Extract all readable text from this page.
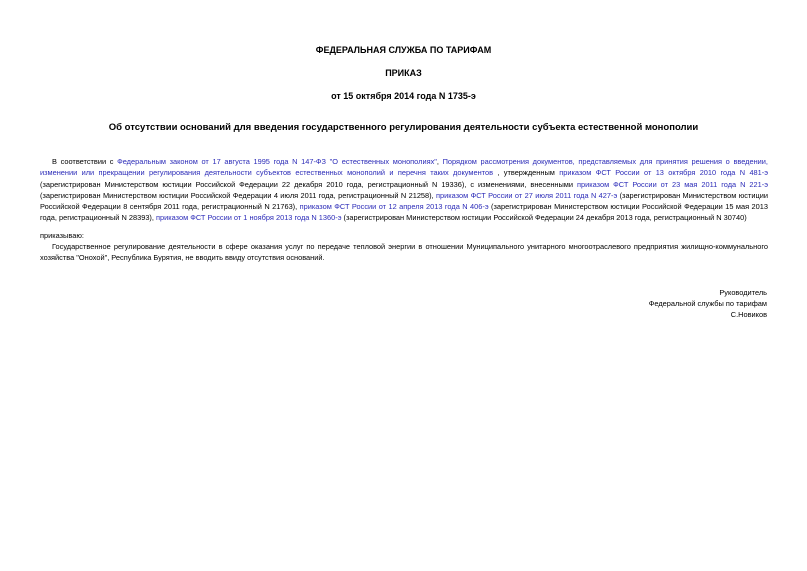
ФЕДЕРАЛЬНАЯ СЛУЖБА ПО ТАРИФАМ
ПРИКАЗ
от 15 октября 2014 года N 1735-э
Об отсутствии оснований для введения государственного регулирования деятельности субъекта естественной монополии

В соответствии с Федеральным законом от 17 августа 1995 года N 147-ФЗ "О естественных монополиях", Порядком рассмотрения документов, представляемых для принятия решения о введении, изменении или прекращении регулирования деятельности субъектов естественных монополий и перечня таких документов , утвержденным приказом ФСТ России от 13 октября 2010 года N 481-э (зарегистрирован Министерством юстиции Российской Федерации 22 декабря 2010 года, регистрационный N 19336), с изменениями, внесенными приказом ФСТ России от 23 мая 2011 года N 221-э (зарегистрирован Министерством юстиции Российской Федерации 4 июля 2011 года, регистрационный N 21258), приказом ФСТ России от 27 июля 2011 года N 427-э (зарегистрирован Министерством юстиции Российской Федерации 8 сентября 2011 года, регистрационный N 21763), приказом ФСТ России от 12 апреля 2013 года N 406-э (зарегистрирован Министерством юстиции Российской Федерации 15 мая 2013 года, регистрационный N 28393), приказом ФСТ России от 1 ноября 2013 года N 1360-э (зарегистрирован Министерством юстиции Российской Федерации 24 декабря 2013 года, регистрационный N 30740)

приказываю:

Государственное регулирование деятельности в сфере оказания услуг по передаче тепловой энергии в отношении Муниципального унитарного многоотраслевого предприятия жилищно-коммунального хозяйства "Онохой", Республика Бурятия, не вводить ввиду отсутствия оснований.

Руководитель
Федеральной службы по тарифам
С.Новиков
